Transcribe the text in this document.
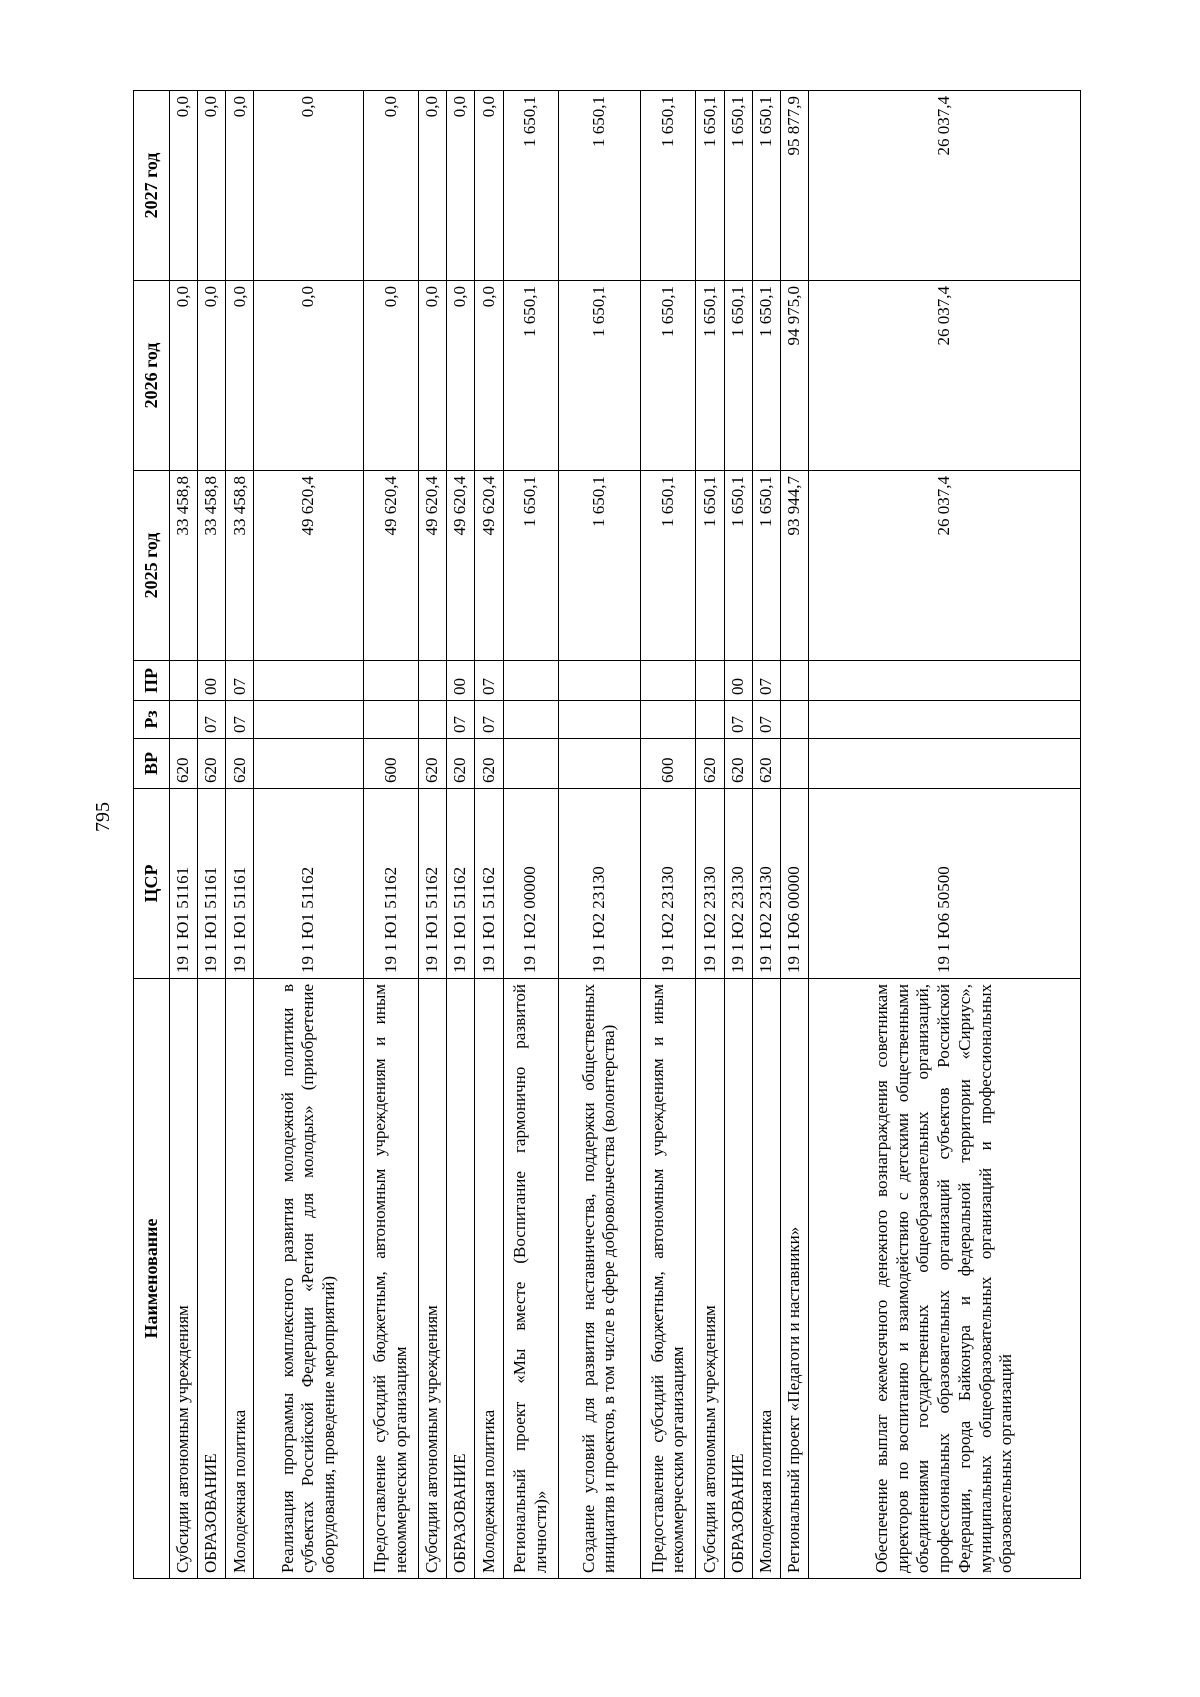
795
Наименование	ЦСР	ВР	Рз	ПР	2025 год	2026 год	2027 год
Субсидии автономным учреждениям	19 1 Ю1 51161	620			33 458,8	0,0	0,0
ОБРАЗОВАНИЕ	19 1 Ю1 51161	620	07	00	33 458,8	0,0	0,0
Молодежная политика	19 1 Ю1 51161	620	07	07	33 458,8	0,0	0,0
Реализация программы комплексного развития молодежной политики в субъектах Российской Федерации «Регион для молодых» (приобретение оборудования, проведение мероприятий)	19 1 Ю1 51162				49 620,4	0,0	0,0
Предоставление субсидий бюджетным, автономным учреждениям и иным некоммерческим организациям	19 1 Ю1 51162	600			49 620,4	0,0	0,0
Субсидии автономным учреждениям	19 1 Ю1 51162	620			49 620,4	0,0	0,0
ОБРАЗОВАНИЕ	19 1 Ю1 51162	620	07	00	49 620,4	0,0	0,0
Молодежная политика	19 1 Ю1 51162	620	07	07	49 620,4	0,0	0,0
Региональный проект «Мы вместе (Воспитание гармонично развитой личности)»	19 1 Ю2 00000				1 650,1	1 650,1	1 650,1
Создание условий для развития наставничества, поддержки общественных инициатив и проектов, в том числе в сфере добровольчества (волонтерства)	19 1 Ю2 23130				1 650,1	1 650,1	1 650,1
Предоставление субсидий бюджетным, автономным учреждениям и иным некоммерческим организациям	19 1 Ю2 23130	600			1 650,1	1 650,1	1 650,1
Субсидии автономным учреждениям	19 1 Ю2 23130	620			1 650,1	1 650,1	1 650,1
ОБРАЗОВАНИЕ	19 1 Ю2 23130	620	07	00	1 650,1	1 650,1	1 650,1
Молодежная политика	19 1 Ю2 23130	620	07	07	1 650,1	1 650,1	1 650,1
Региональный проект «Педагоги и наставники»	19 1 Ю6 00000				93 944,7	94 975,0	95 877,9
Обеспечение выплат ежемесячного денежного вознаграждения советникам директоров по воспитанию и взаимодействию с детскими общественными объединениями государственных общеобразовательных организаций, профессиональных образовательных организаций субъектов Российской Федерации, города Байконура и федеральной территории «Сириус», муниципальных общеобразовательных организаций и профессиональных образовательных организаций	19 1 Ю6 50500				26 037,4	26 037,4	26 037,4
